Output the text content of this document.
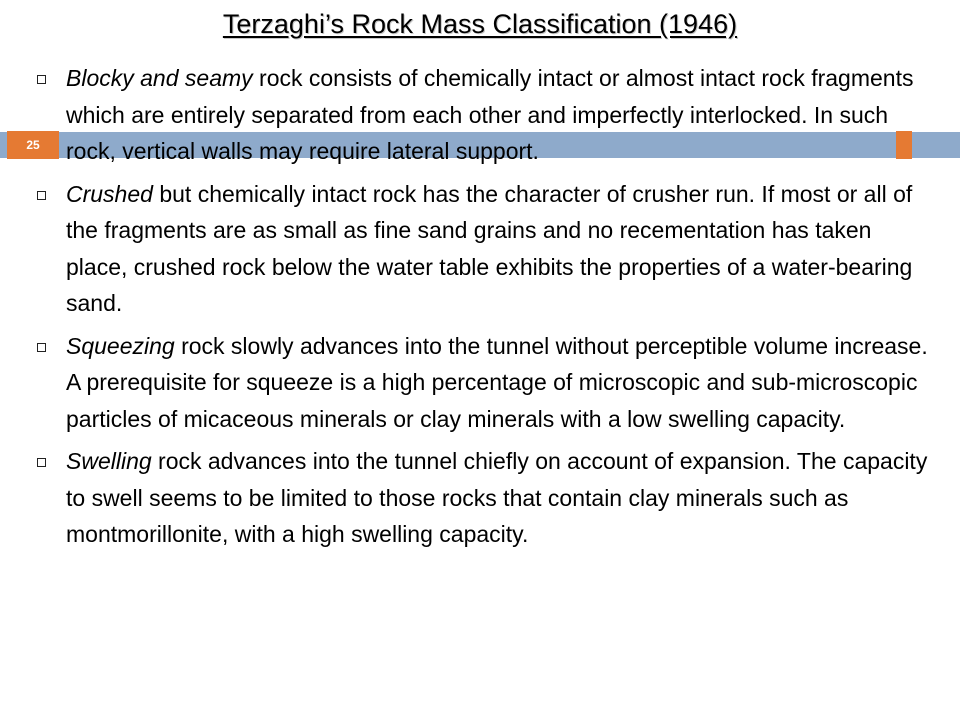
25
Terzaghi’s Rock Mass Classification (1946)
Blocky and seamy rock consists of chemically intact or almost intact rock fragments which are entirely separated from each other and imperfectly interlocked. In such rock, vertical walls may require lateral support.
Crushed but chemically intact rock has the character of crusher run. If most or all of the fragments are as small as fine sand grains and no recementation has taken place, crushed rock below the water table exhibits the properties of a water-bearing sand.
Squeezing rock slowly advances into the tunnel without perceptible volume increase. A prerequisite for squeeze is a high percentage of microscopic and sub-microscopic particles of micaceous minerals or clay minerals with a low swelling capacity.
Swelling rock advances into the tunnel chiefly on account of expansion. The capacity to swell seems to be limited to those rocks that contain clay minerals such as montmorillonite, with a high swelling capacity.
